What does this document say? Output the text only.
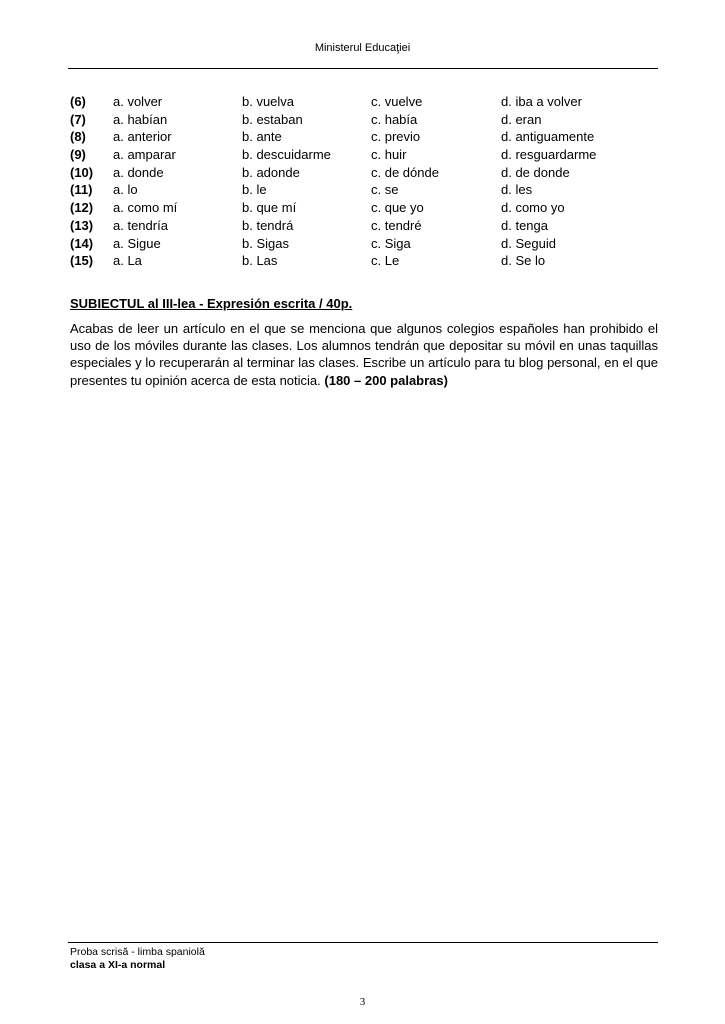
Ministerul Educaţiei
(6) a. volver	b. vuelva	c. vuelve	d. iba a volver
(7) a. habían	b. estaban	c. había	d. eran
(8) a. anterior	b. ante	c. previo	d. antiguamente
(9) a. amparar	b. descuidarme	c. huir	d. resguardarme
(10) a. donde	b. adonde	c. de dónde	d. de donde
(11) a. lo	b. le	c. se	d. les
(12) a. como mí	b. que mí	c. que yo	d. como yo
(13) a. tendría	b. tendrá	c. tendré	d. tenga
(14) a. Sigue	b. Sigas	c. Siga	d. Seguid
(15) a. La	b. Las	c. Le	d. Se lo
SUBIECTUL al III-lea - Expresión escrita / 40p.
Acabas de leer un artículo en el que se menciona que algunos colegios españoles han prohibido el uso de los móviles durante las clases. Los alumnos tendrán que depositar su móvil en unas taquillas especiales y lo recuperarán al terminar las clases. Escribe un artículo para tu blog personal, en el que presentes tu opinión acerca de esta noticia. (180 – 200 palabras)
Proba scrisă - limba spaniolă
clasa a XI-a normal
3
